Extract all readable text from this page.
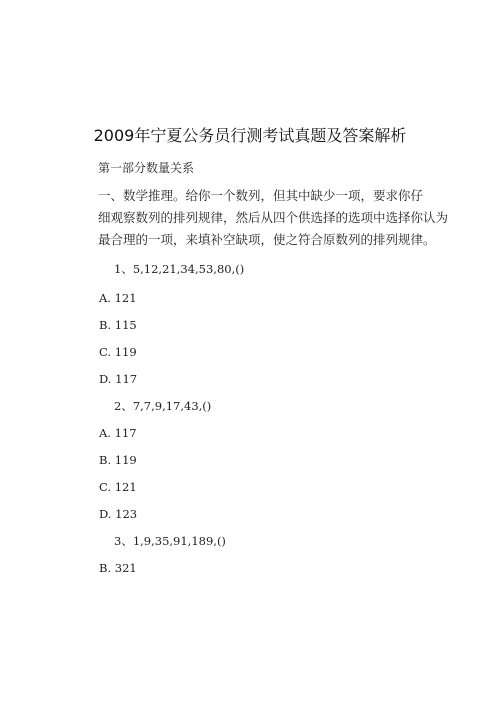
2009年宁夏公务员行测考试真题及答案解析
第一部分数量关系
一、数学推理。给你一个数列，但其中缺少一项，要求你仔
细观察数列的排列规律，然后从四个供选择的选项中选择你认为
最合理的一项，来填补空缺项，使之符合原数列的排列规律。
1、5,12,21,34,53,80,()
A. 121
B. 115
C. 119
D. 117
2、7,7,9,17,43,()
A. 117
B. 119
C. 121
D. 123
3、1,9,35,91,189,()
B. 321
